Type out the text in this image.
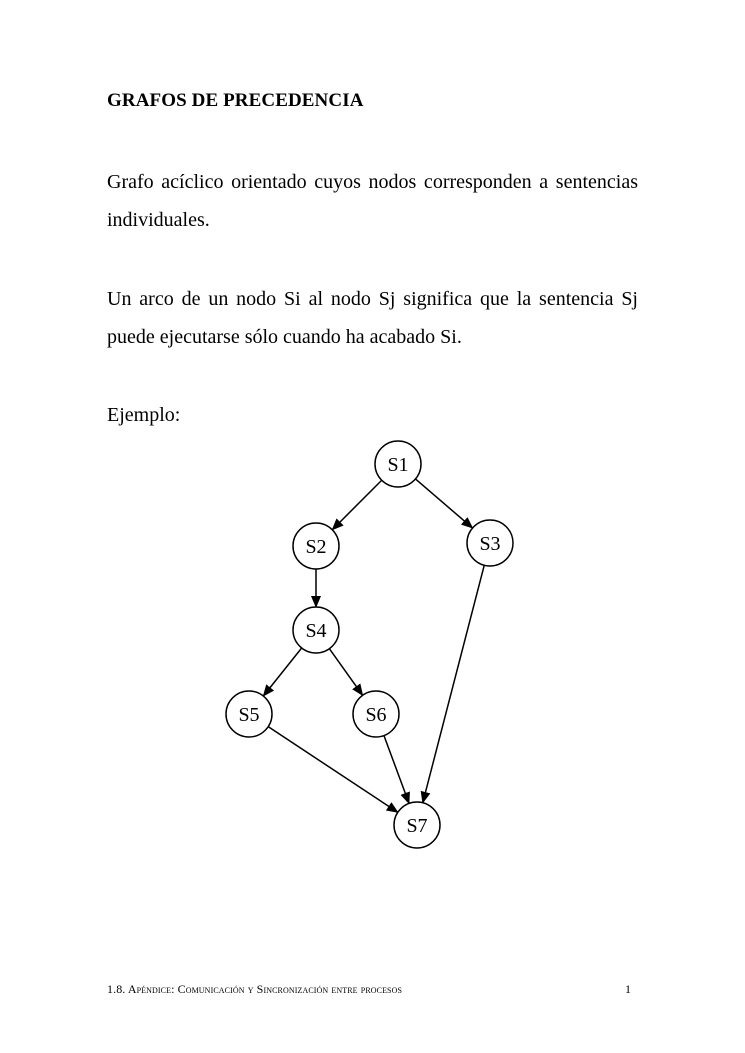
GRAFOS DE PRECEDENCIA
Grafo acíclico orientado cuyos nodos corresponden a sentencias individuales.
Un arco de un nodo Si al nodo Sj significa que la sentencia Sj puede ejecutarse sólo cuando ha acabado Si.
Ejemplo:
S1
S2	S3
S4
S5	S6
S7
1.8. Apéndice: Comunicación y Sincronización entre procesos	1
